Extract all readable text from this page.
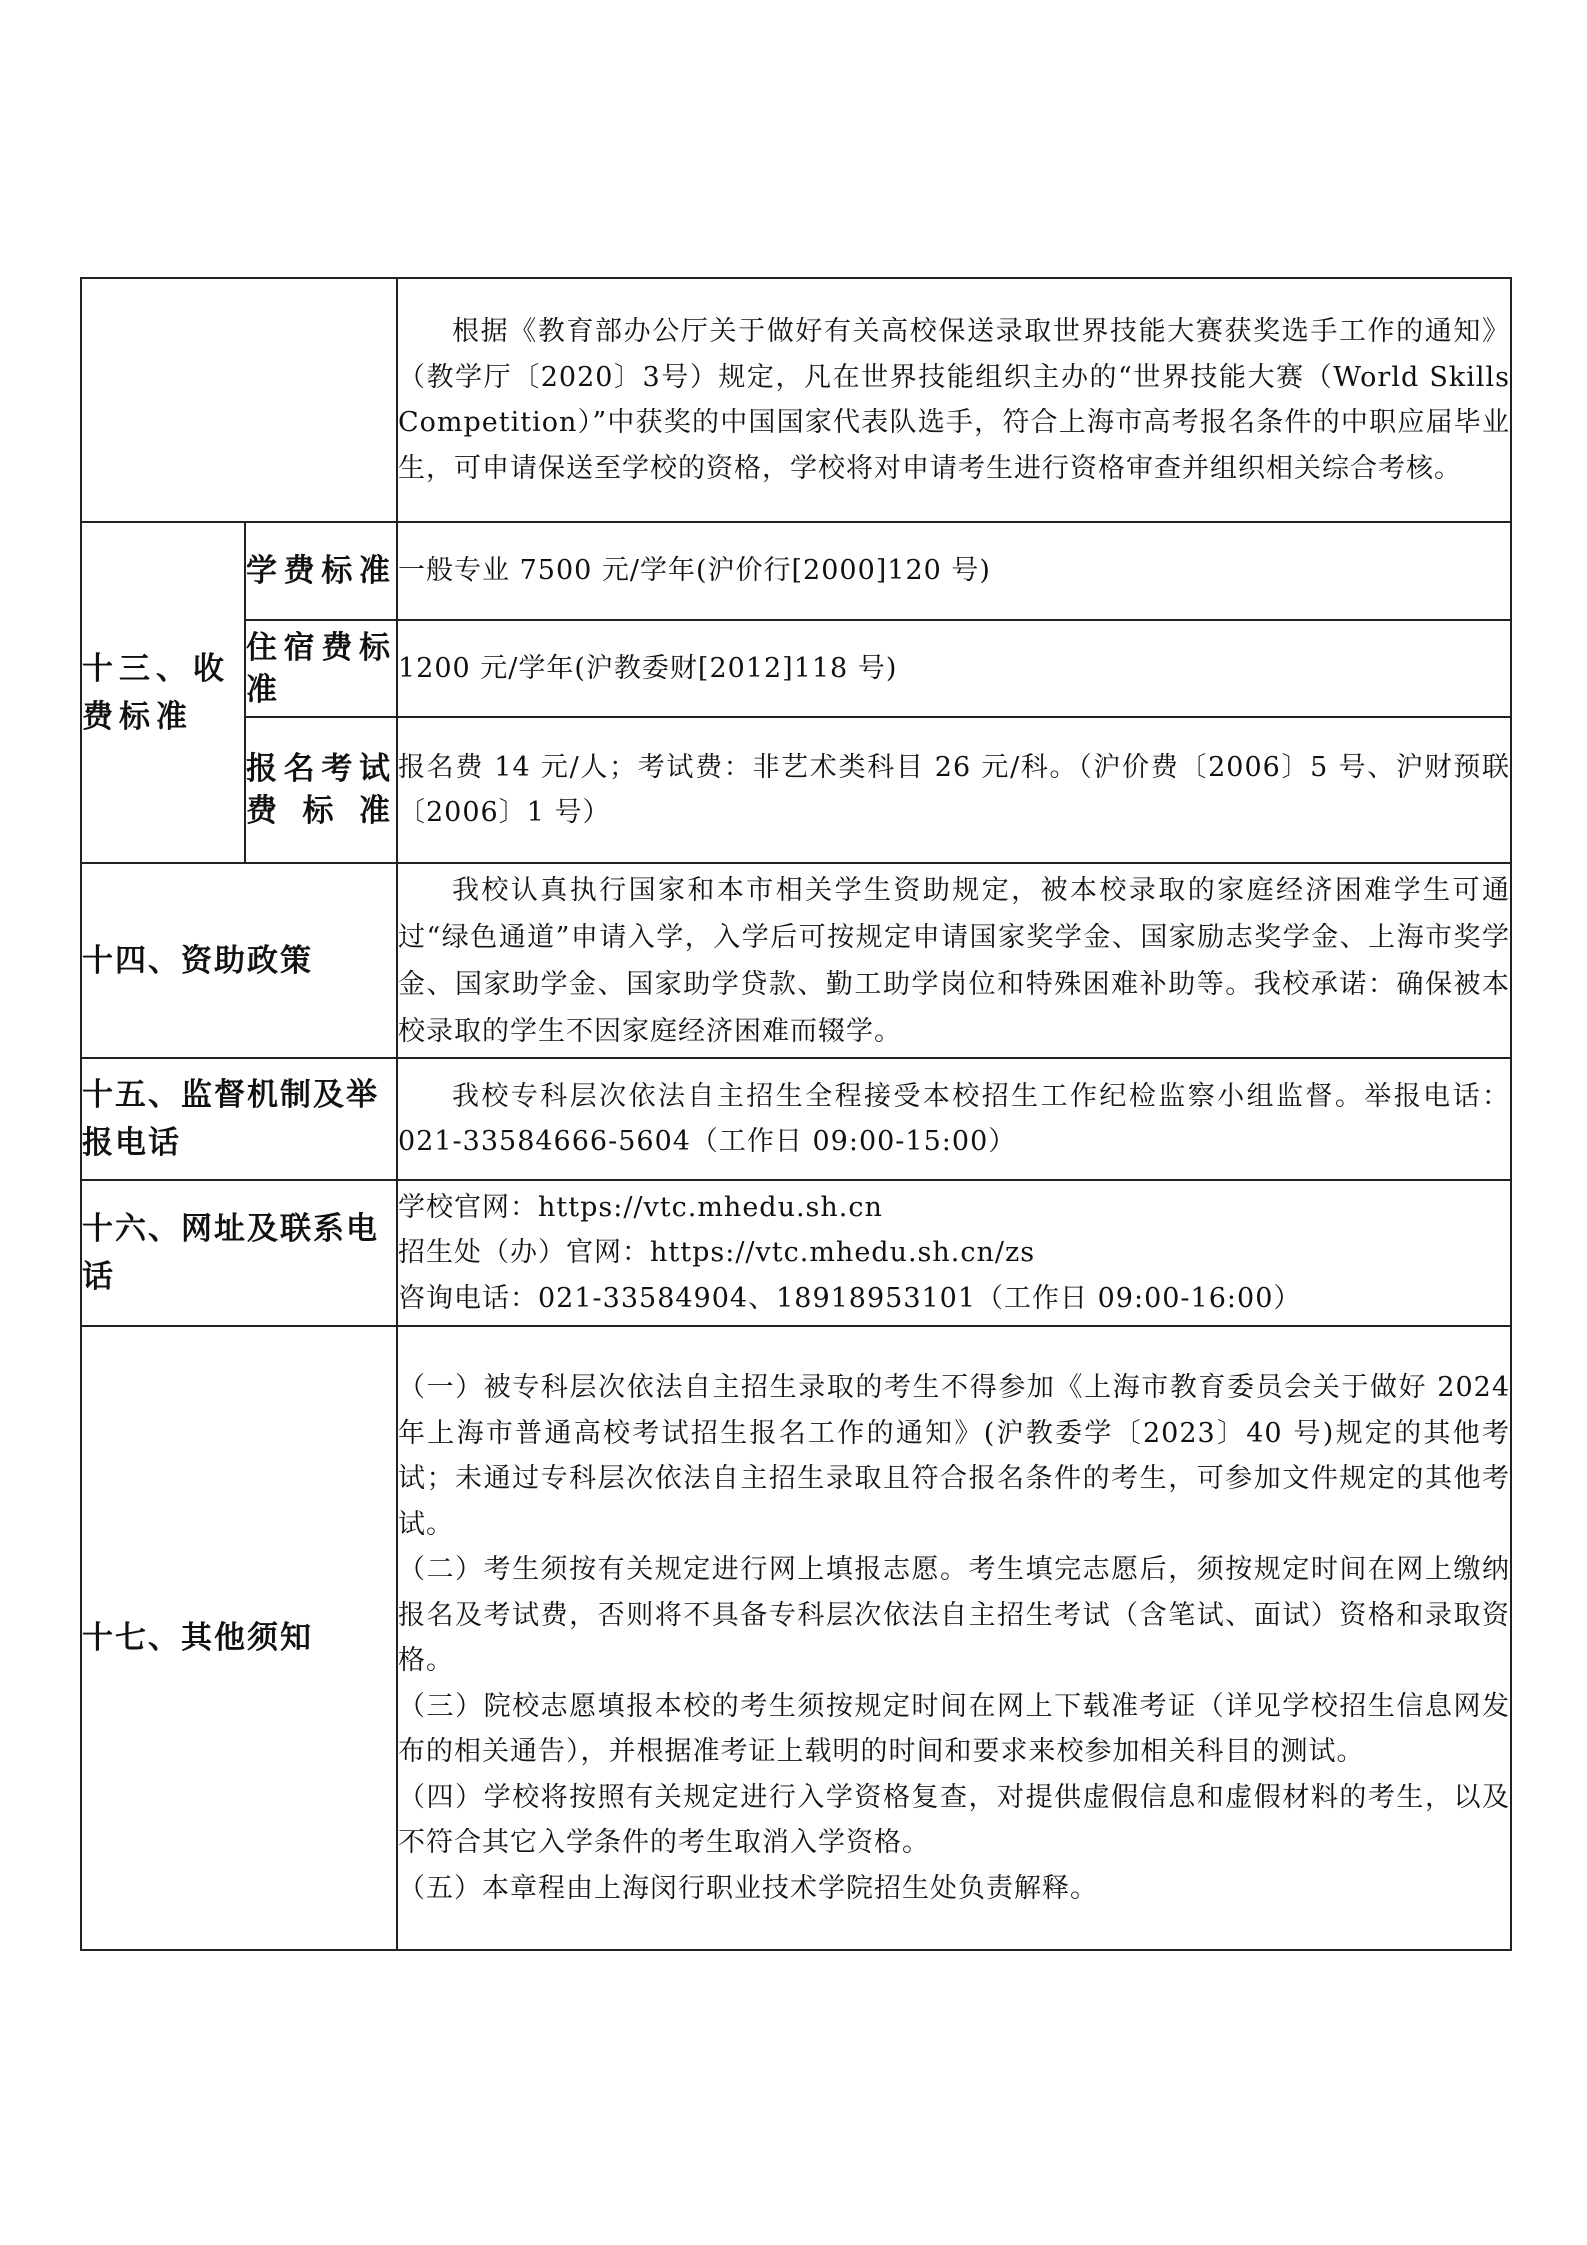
		根据《教育部办公厅关于做好有关高校保送录取世界技能大赛获奖选手工作的通知》（教学厅〔2020〕3号）规定，凡在世界技能组织主办的“世界技能大赛（World Skills Competition）”中获奖的中国国家代表队选手，符合上海市高考报名条件的中职应届毕业生，可申请保送至学校的资格，学校将对申请考生进行资格审查并组织相关综合考核。
十三、收费标准	学费标准	一般专业 7500 元/学年(沪价行[2000]120 号)
	住宿费标准	1200 元/学年(沪教委财[2012]118 号)
	报名考试费标准	报名费 14 元/人；考试费：非艺术类科目 26 元/科。（沪价费〔2006〕5 号、沪财预联〔2006〕1 号）
十四、资助政策		我校认真执行国家和本市相关学生资助规定，被本校录取的家庭经济困难学生可通过“绿色通道”申请入学，入学后可按规定申请国家奖学金、国家励志奖学金、上海市奖学金、国家助学金、国家助学贷款、勤工助学岗位和特殊困难补助等。我校承诺：确保被本校录取的学生不因家庭经济困难而辍学。
十五、监督机制及举报电话		我校专科层次依法自主招生全程接受本校招生工作纪检监察小组监督。举报电话：021-33584666-5604（工作日 09:00-15:00）
十六、网址及联系电话		学校官网：https://vtc.mhedu.sh.cn
招生处（办）官网：https://vtc.mhedu.sh.cn/zs
咨询电话：021-33584904、18918953101（工作日 09:00-16:00）

十七、其他须知		（一）被专科层次依法自主招生录取的考生不得参加《上海市教育委员会关于做好 2024 年上海市普通高校考试招生报名工作的通知》(沪教委学〔2023〕40 号)规定的其他考试；未通过专科层次依法自主招生录取且符合报名条件的考生，可参加文件规定的其他考试。
（二）考生须按有关规定进行网上填报志愿。考生填完志愿后，须按规定时间在网上缴纳报名及考试费，否则将不具备专科层次依法自主招生考试（含笔试、面试）资格和录取资格。
（三）院校志愿填报本校的考生须按规定时间在网上下载准考证（详见学校招生信息网发布的相关通告），并根据准考证上载明的时间和要求来校参加相关科目的测试。
（四）学校将按照有关规定进行入学资格复查，对提供虚假信息和虚假材料的考生，以及不符合其它入学条件的考生取消入学资格。
（五）本章程由上海闵行职业技术学院招生处负责解释。
